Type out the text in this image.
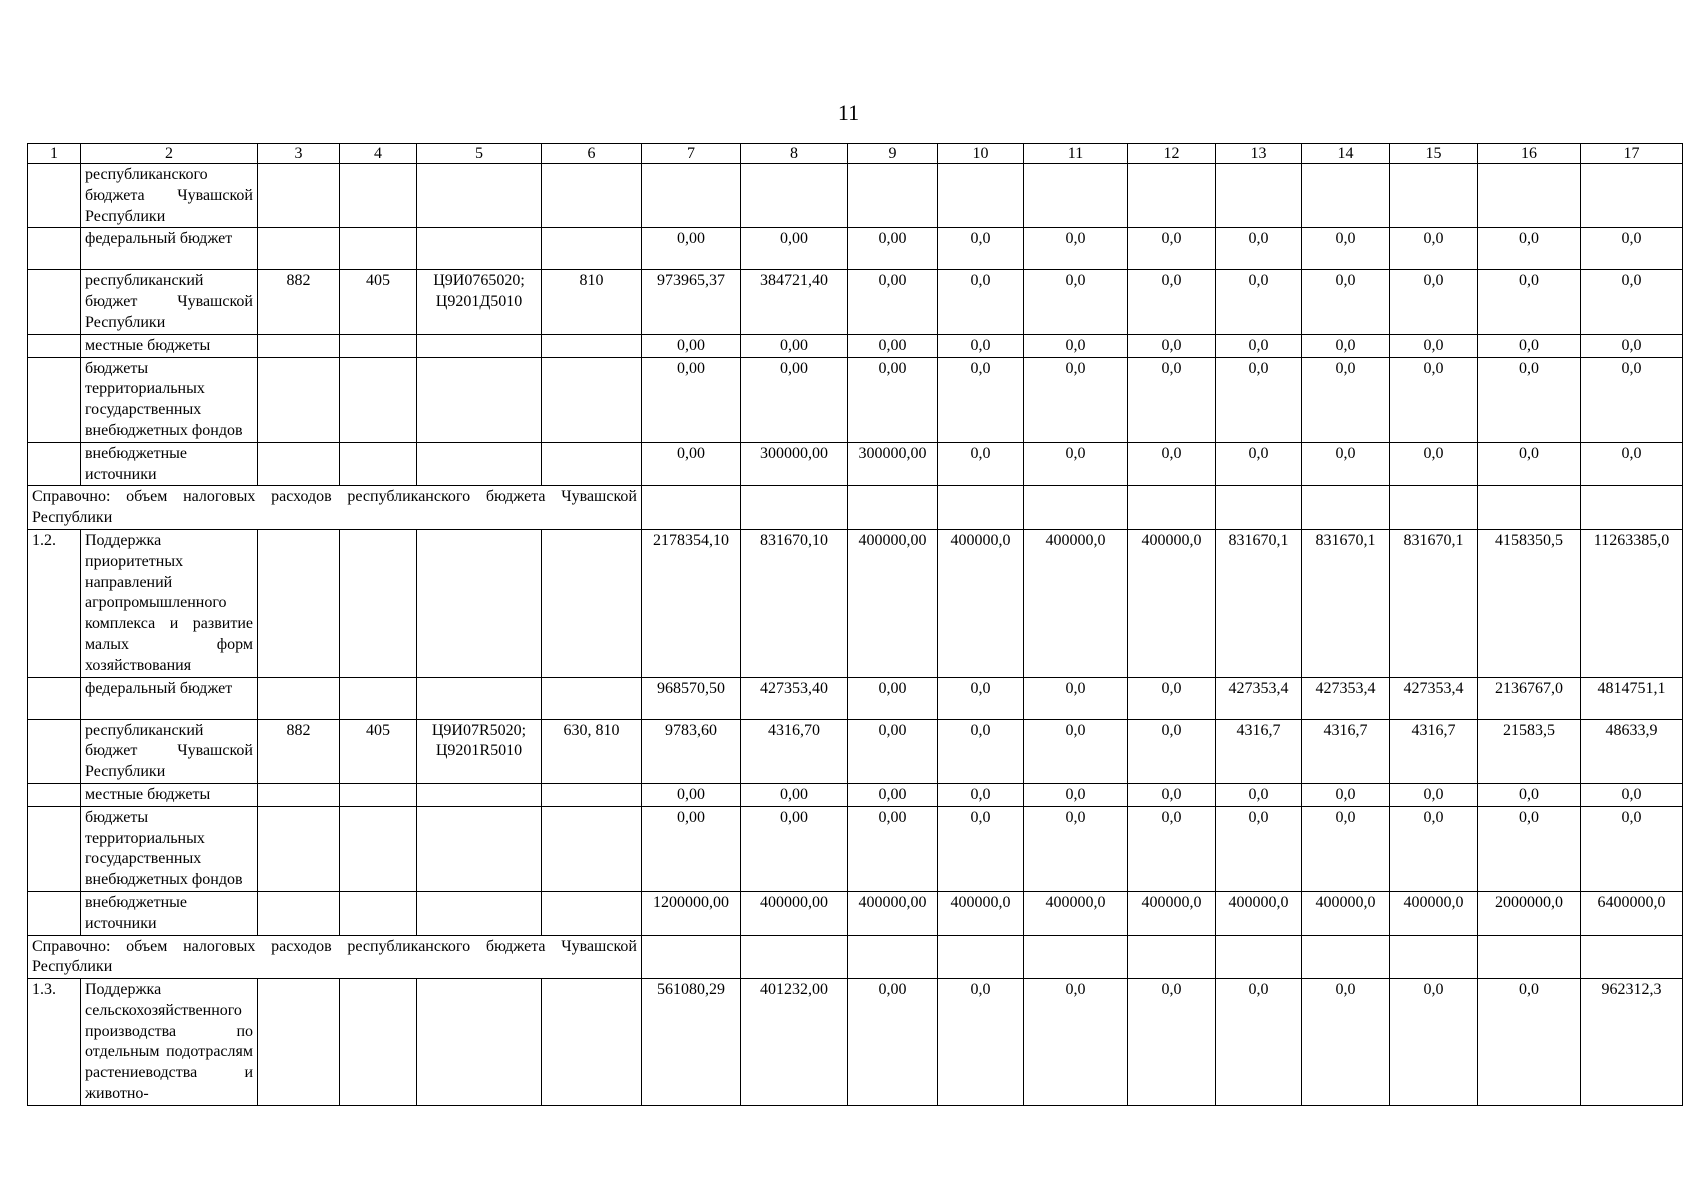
11
1	2	3	4	5	6	7	8	9	10	11	12	13	14	15	16	17
	республиканского бюджета Чувашской Республики															
	федеральный бюджет					0,00	0,00	0,00	0,0	0,0	0,0	0,0	0,0	0,0	0,0	0,0
	республиканский бюджет Чувашской Республики	882	405	Ц9И0765020; Ц9201Д5010	810	973965,37	384721,40	0,00	0,0	0,0	0,0	0,0	0,0	0,0	0,0	0,0
	местные бюджеты					0,00	0,00	0,00	0,0	0,0	0,0	0,0	0,0	0,0	0,0	0,0
	бюджеты территориальных государственных внебюджетных фондов					0,00	0,00	0,00	0,0	0,0	0,0	0,0	0,0	0,0	0,0	0,0
	внебюджетные источники					0,00	300000,00	300000,00	0,0	0,0	0,0	0,0	0,0	0,0	0,0	0,0
Справочно: объем налоговых расходов республиканского бюджета Чувашской Республики																
1.2.	Поддержка приоритетных направлений агропромышленного комплекса и развитие малых форм хозяйствования					2178354,10	831670,10	400000,00	400000,0	400000,0	400000,0	831670,1	831670,1	831670,1	4158350,5	11263385,0
	федеральный бюджет					968570,50	427353,40	0,00	0,0	0,0	0,0	427353,4	427353,4	427353,4	2136767,0	4814751,1
	республиканский бюджет Чувашской Республики	882	405	Ц9И07R5020; Ц9201R5010	630, 810	9783,60	4316,70	0,00	0,0	0,0	0,0	4316,7	4316,7	4316,7	21583,5	48633,9
	местные бюджеты					0,00	0,00	0,00	0,0	0,0	0,0	0,0	0,0	0,0	0,0	0,0
	бюджеты территориальных государственных внебюджетных фондов					0,00	0,00	0,00	0,0	0,0	0,0	0,0	0,0	0,0	0,0	0,0
	внебюджетные источники					1200000,00	400000,00	400000,00	400000,0	400000,0	400000,0	400000,0	400000,0	400000,0	2000000,0	6400000,0
Справочно: объем налоговых расходов республиканского бюджета Чувашской Республики																
1.3.	Поддержка сельскохозяйственного производства по отдельным подотраслям растениеводства и животно-					561080,29	401232,00	0,00	0,0	0,0	0,0	0,0	0,0	0,0	0,0	962312,3
